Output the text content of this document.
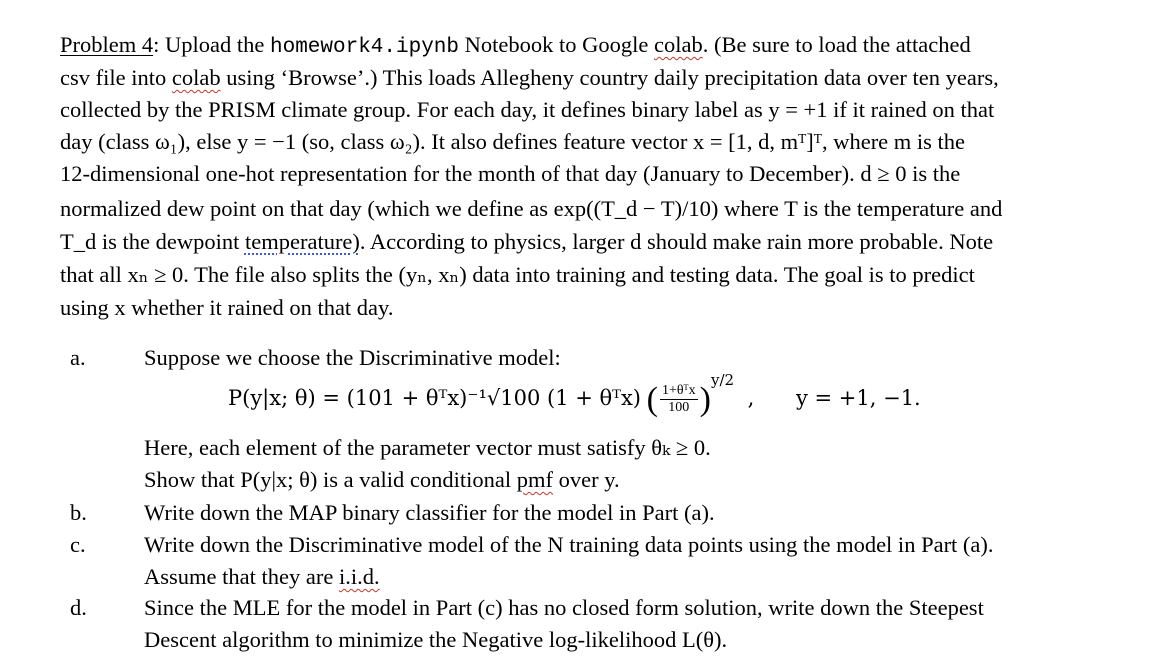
Problem 4: Upload the homework4.ipynb Notebook to Google colab. (Be sure to load the attached
csv file into colab using ‘Browse’.) This loads Allegheny country daily precipitation data over ten years,
collected by the PRISM climate group. For each day, it defines binary label as y = +1 if it rained on that
day (class ω₁), else y = −1 (so, class ω₂). It also defines feature vector x = [1, d, mᵀ]ᵀ, where m is the
12-dimensional one-hot representation for the month of that day (January to December). d ≥ 0 is the
normalized dew point on that day (which we define as exp((T_d − T)/10) where T is the temperature and
T_d is the dewpoint temperature). According to physics, larger d should make rain more probable. Note
that all xₙ ≥ 0. The file also splits the (yₙ, xₙ) data into training and testing data. The goal is to predict
using x whether it rained on that day.
a.	Suppose we choose the Discriminative model:
P(y|x; θ) = (101 + θᵀx)⁻¹√100 (1 + θᵀx) ( $\frac{\text{1+θᵀx}}{100} )^{y/2}$ , y = +1, −1.
Here, each element of the parameter vector must satisfy θₖ ≥ 0.
Show that P(y|x; θ) is a valid conditional pmf over y.
b.	Write down the MAP binary classifier for the model in Part (a).
c.	Write down the Discriminative model of the N training data points using the model in Part (a).
Assume that they are i.i.d.
d.	Since the MLE for the model in Part (c) has no closed form solution, write down the Steepest
Descent algorithm to minimize the Negative log-likelihood L(θ).
